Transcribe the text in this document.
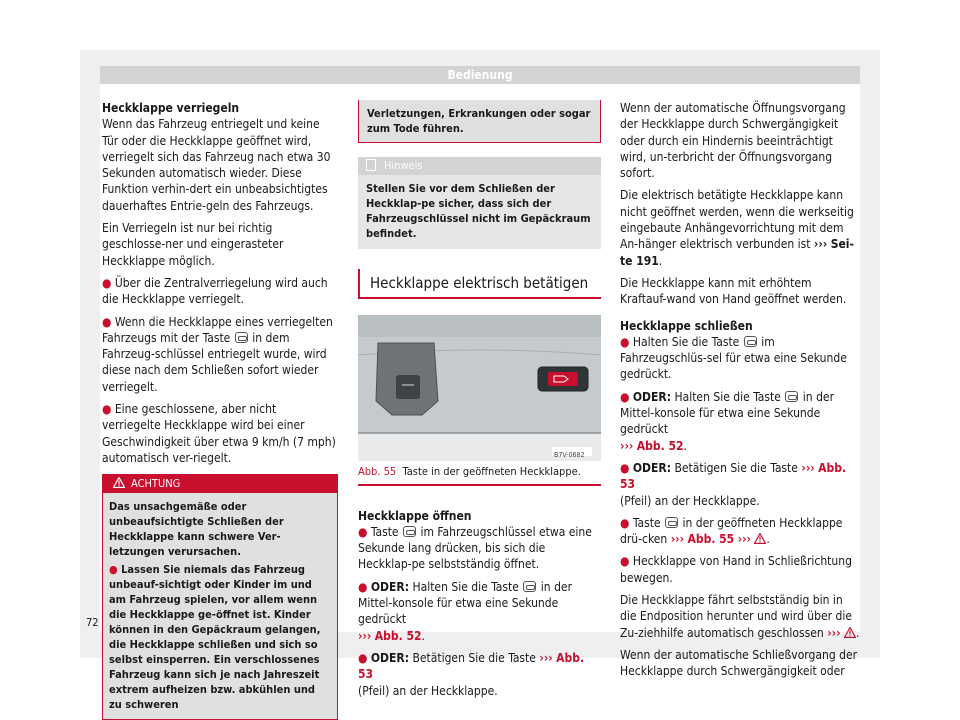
Bedienung

Heckklappe verriegeln

Wenn das Fahrzeug entriegelt und keine Tür oder die Heckklappe geöffnet wird, verriegelt sich das Fahrzeug nach etwa 30 Sekunden automatisch wieder. Diese Funktion verhin-dert ein unbeabsichtigtes dauerhaftes Entrie-geln des Fahrzeugs.

Ein Verriegeln ist nur bei richtig geschlosse-ner und eingerasteter Heckklappe möglich.

● Über die Zentralverriegelung wird auch die Heckklappe verriegelt.

● Wenn die Heckklappe eines verriegelten Fahrzeugs mit der Taste in dem Fahrzeug-schlüssel entriegelt wurde, wird diese nach dem Schließen sofort wieder verriegelt.

● Eine geschlossene, aber nicht verriegelte Heckklappe wird bei einer Geschwindigkeit über etwa 9 km/h (7 mph) automatisch ver-riegelt.

ACHTUNG

Das unsachgemäße oder unbeaufsichtigte Schließen der Heckklappe kann schwere Ver-letzungen verursachen.

● Lassen Sie niemals das Fahrzeug unbeauf-sichtigt oder Kinder im und am Fahrzeug spielen, vor allem wenn die Heckklappe ge-öffnet ist. Kinder können in den Gepäckraum gelangen, die Heckklappe schließen und sich so selbst einsperren. Ein verschlossenes Fahrzeug kann sich je nach Jahreszeit extrem aufheizen bzw. abkühlen und zu schweren

Verletzungen, Erkrankungen oder sogar zum Tode führen.
Hinweis
Stellen Sie vor dem Schließen der Heckklap-pe sicher, dass sich der Fahrzeugschlüssel nicht im Gepäckraum befindet.
Heckklappe elektrisch betätigen
B7V-0682
Abb. 55 Taste in der geöffneten Heckklappe.

Heckklappe öffnen

● Taste im Fahrzeugschlüssel etwa eine Sekunde lang drücken, bis sich die Heckklap-pe selbstständig öffnet.

● ODER: Halten Sie die Taste in der Mittel-konsole für etwa eine Sekunde gedrückt
››› Abb. 52.

● ODER: Betätigen Sie die Taste ››› Abb. 53
(Pfeil) an der Heckklappe.

Wenn der automatische Öffnungsvorgang der Heckklappe durch Schwergängigkeit oder durch ein Hindernis beeinträchtigt wird, un-terbricht der Öffnungsvorgang sofort.

Die elektrisch betätigte Heckklappe kann nicht geöffnet werden, wenn die werkseitig eingebaute Anhängevorrichtung mit dem An-hänger elektrisch verbunden ist ››› Sei-te 191.

Die Heckklappe kann mit erhöhtem Kraftauf-wand von Hand geöffnet werden.

Heckklappe schließen

● Halten Sie die Taste im Fahrzeugschlüs-sel für etwa eine Sekunde gedrückt.

● ODER: Halten Sie die Taste in der Mittel-konsole für etwa eine Sekunde gedrückt
››› Abb. 52.

● ODER: Betätigen Sie die Taste ››› Abb. 53
(Pfeil) an der Heckklappe.

● Taste in der geöffneten Heckklappe drü-cken ››› Abb. 55 ››› .

● Heckklappe von Hand in Schließrichtung bewegen.

Die Heckklappe fährt selbstständig bin in die Endposition herunter und wird über die Zu-ziehhilfe automatisch geschlossen ››› .

Wenn der automatische Schließvorgang der Heckklappe durch Schwergängigkeit oder

72
